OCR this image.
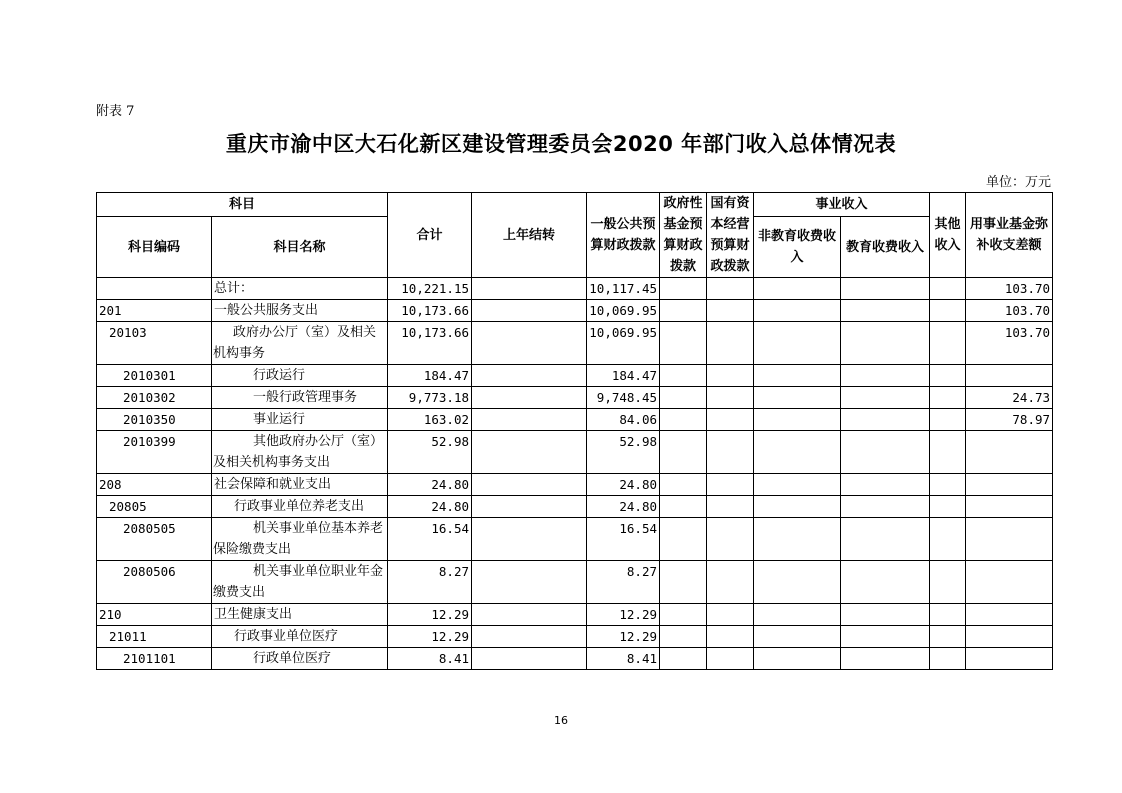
附表 7
重庆市渝中区大石化新区建设管理委员会2020 年部门收入总体情况表
单位：万元
科目		合计	上年结转	一般公共预算财政拨款	政府性基金预算财政拨款	国有资本经营预算财政拨款	事业收入		其他收入	用事业基金弥补收支差额
科目编码	科目名称						非教育收费收入	教育收费收入		
	总计：	10,221.15		10,117.45						103.70
201	一般公共服务支出	10,173.66		10,069.95						103.70
20103	政府办公厅（室）及相关机构事务	10,173.66		10,069.95						103.70
2010301	行政运行	184.47		184.47						
2010302	一般行政管理事务	9,773.18		9,748.45						24.73
2010350	事业运行	163.02		84.06						78.97
2010399	其他政府办公厅（室）及相关机构事务支出	52.98		52.98						
208	社会保障和就业支出	24.80		24.80						
20805	行政事业单位养老支出	24.80		24.80						
2080505	机关事业单位基本养老保险缴费支出	16.54		16.54						
2080506	机关事业单位职业年金缴费支出	8.27		8.27						
210	卫生健康支出	12.29		12.29						
21011	行政事业单位医疗	12.29		12.29						
2101101	行政单位医疗	8.41		8.41						
16
